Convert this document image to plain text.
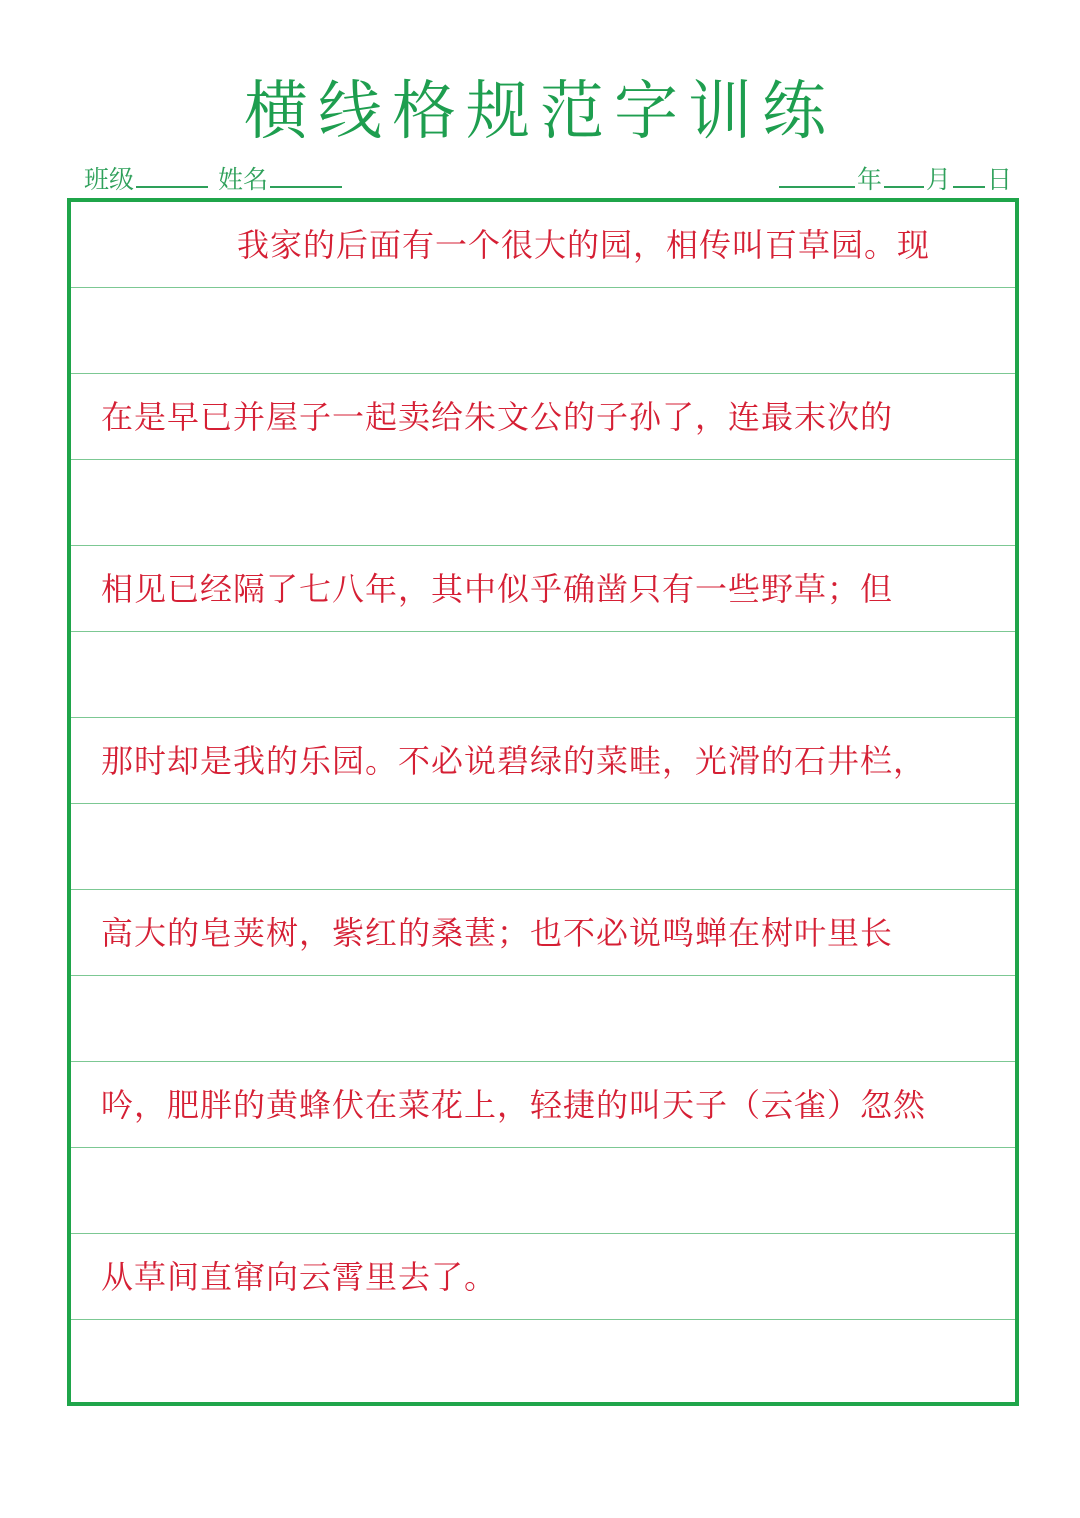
横线格规范字训练
班级	姓名	年 月 日
我家的后面有一个很大的园，相传叫百草园。现
在是早已并屋子一起卖给朱文公的子孙了，连最末次的
相见已经隔了七八年，其中似乎确凿只有一些野草；但
那时却是我的乐园。不必说碧绿的菜畦，光滑的石井栏，
高大的皂荚树，紫红的桑葚；也不必说鸣蝉在树叶里长
吟，肥胖的黄蜂伏在菜花上，轻捷的叫天子（云雀）忽然
从草间直窜向云霄里去了。
